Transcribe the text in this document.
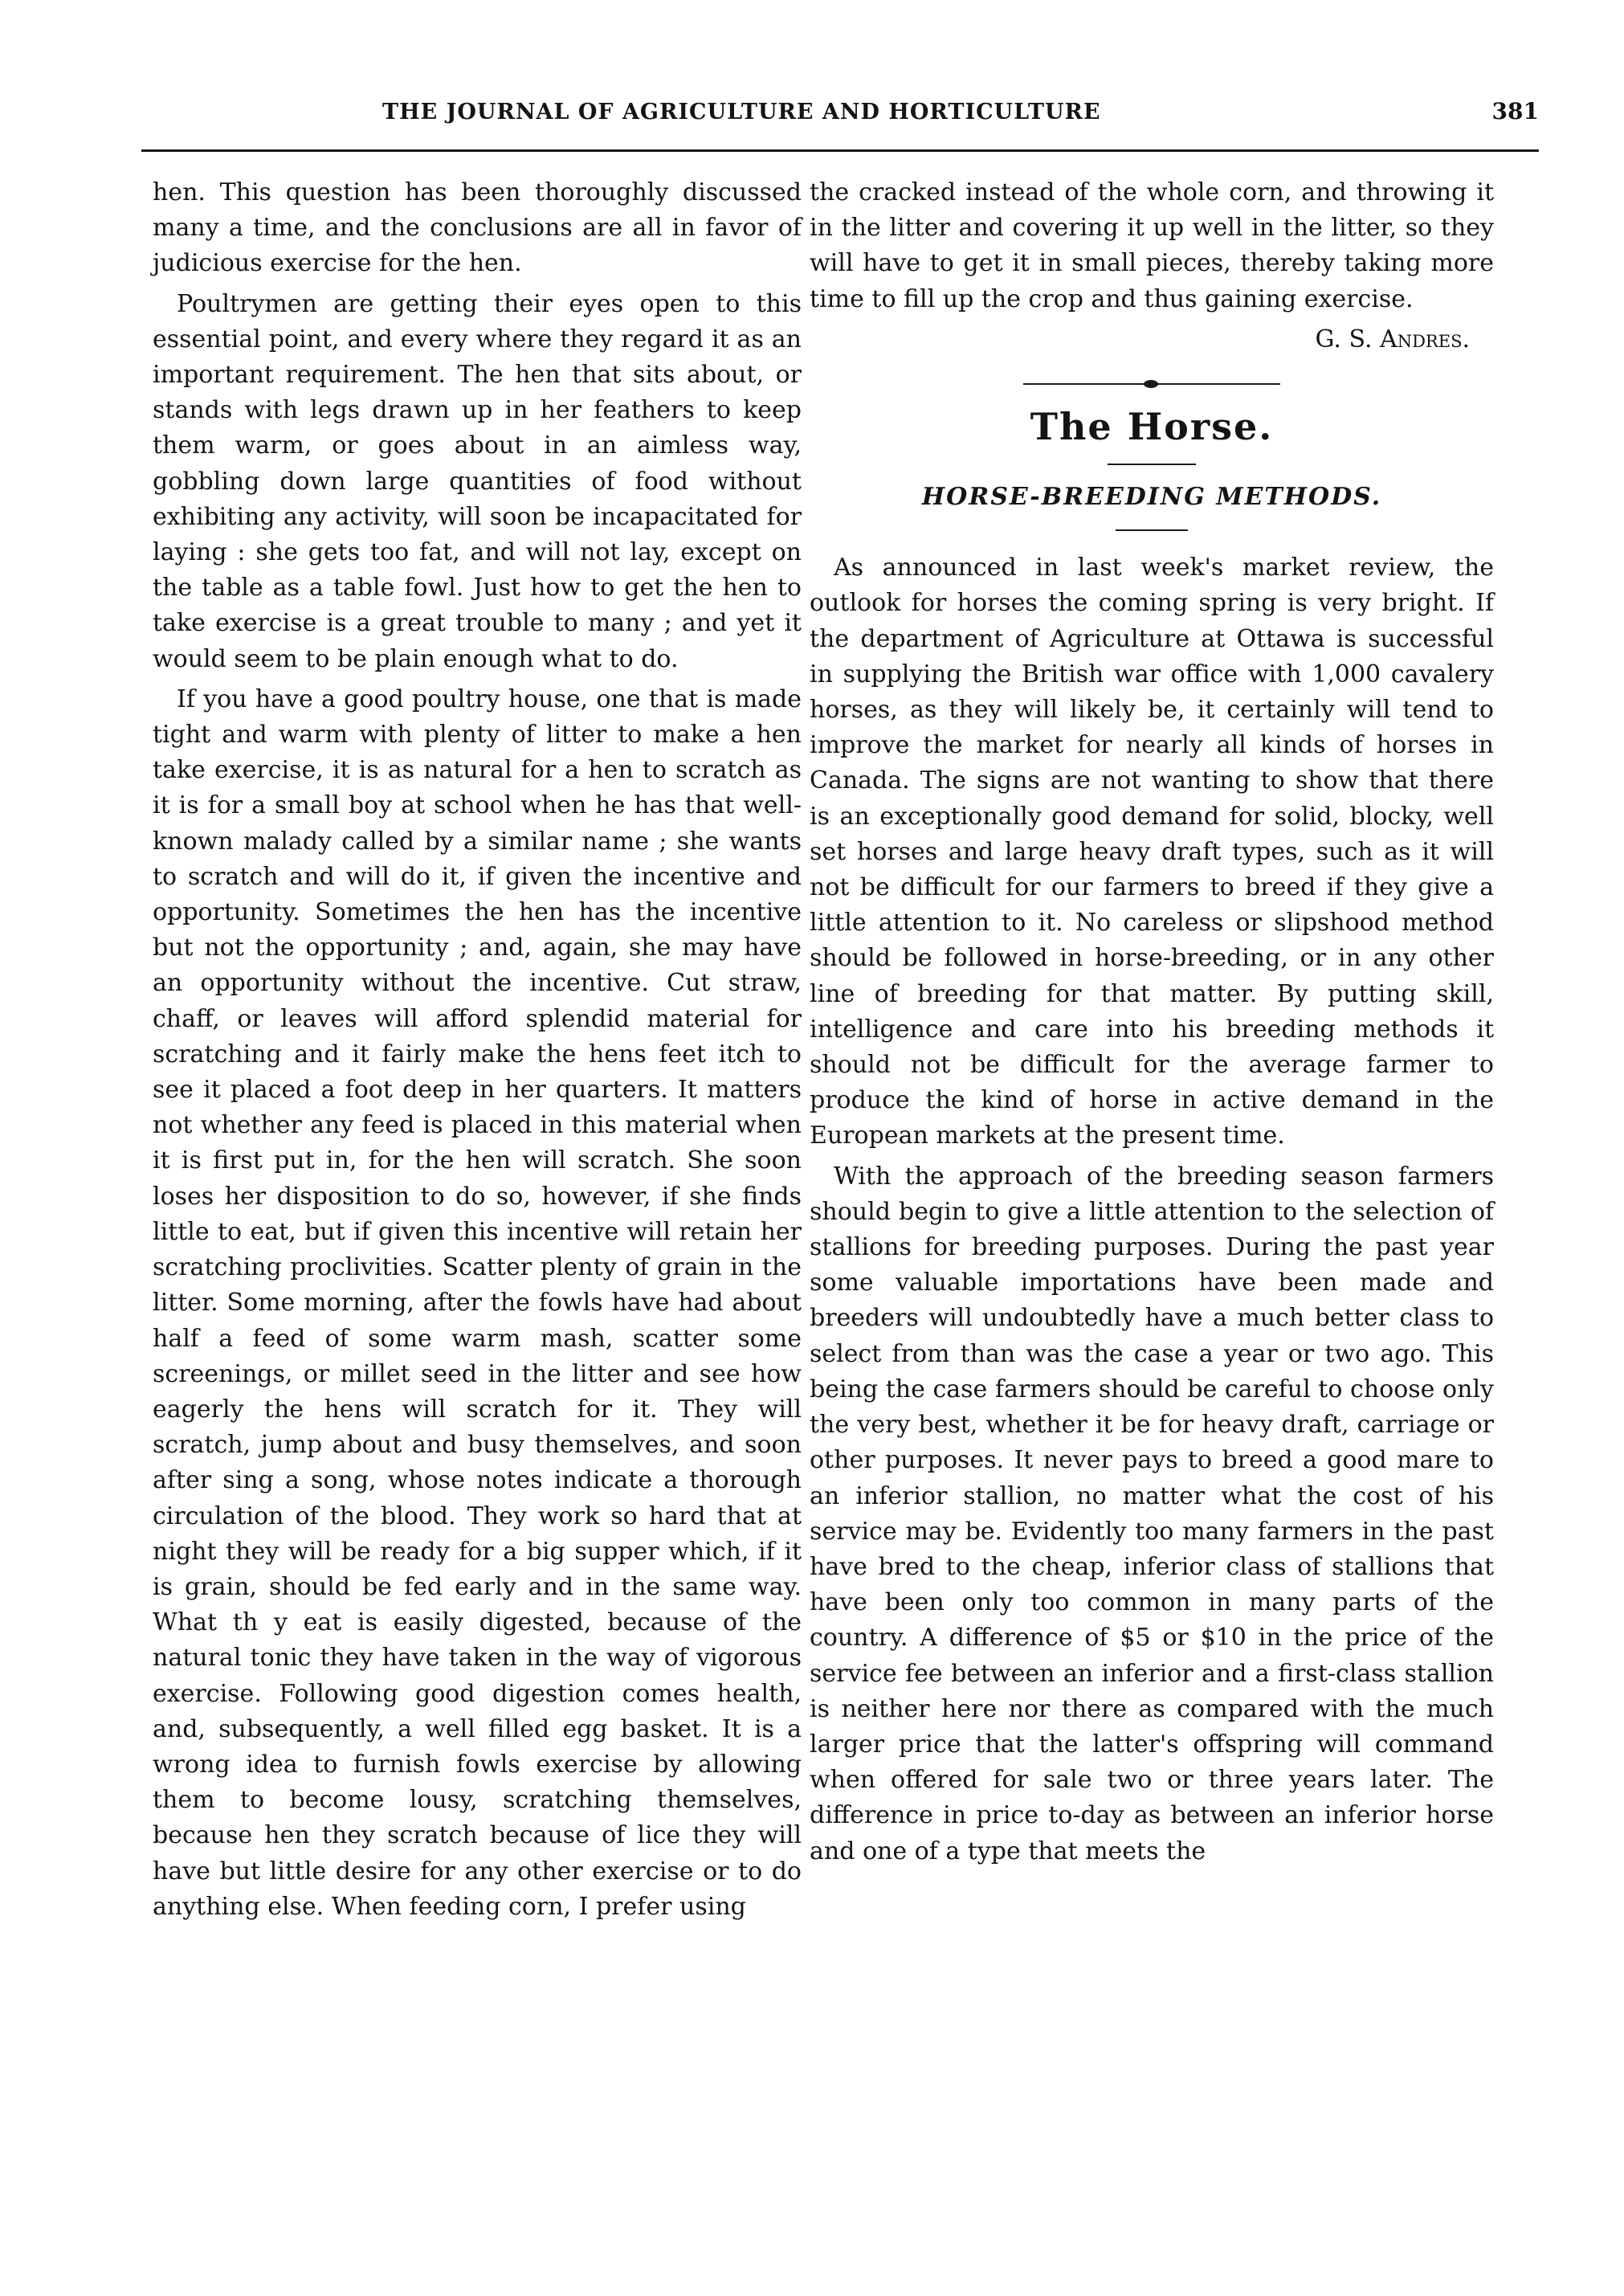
THE JOURNAL OF AGRICULTURE AND HORTICULTURE	381

hen. This question has been thoroughly discussed many a time, and the conclusions are all in favor of judicious exercise for the hen.

Poultrymen are getting their eyes open to this essential point, and every where they regard it as an important requirement. The hen that sits about, or stands with legs drawn up in her feathers to keep them warm, or goes about in an aimless way, gobbling down large quantities of food without exhibiting any activity, will soon be incapacitated for laying : she gets too fat, and will not lay, except on the table as a table fowl. Just how to get the hen to take exercise is a great trouble to many ; and yet it would seem to be plain enough what to do.

If you have a good poultry house, one that is made tight and warm with plenty of litter to make a hen take exercise, it is as natural for a hen to scratch as it is for a small boy at school when he has that well-known malady called by a similar name ; she wants to scratch and will do it, if given the incentive and opportunity. Sometimes the hen has the incentive but not the opportunity ; and, again, she may have an opportunity without the incentive. Cut straw, chaff, or leaves will afford splendid material for scratching and it fairly make the hens feet itch to see it placed a foot deep in her quarters. It matters not whether any feed is placed in this material when it is first put in, for the hen will scratch. She soon loses her disposition to do so, however, if she finds little to eat, but if given this incentive will retain her scratching proclivities. Scatter plenty of grain in the litter. Some morning, after the fowls have had about half a feed of some warm mash, scatter some screenings, or millet seed in the litter and see how eagerly the hens will scratch for it. They will scratch, jump about and busy themselves, and soon after sing a song, whose notes indicate a thorough circulation of the blood. They work so hard that at night they will be ready for a big supper which, if it is grain, should be fed early and in the same way. What th y eat is easily digested, because of the natural tonic they have taken in the way of vigorous exercise. Following good digestion comes health, and, subsequently, a well filled egg basket. It is a wrong idea to furnish fowls exercise by allowing them to become lousy, scratching themselves, because hen they scratch because of lice they will have but little desire for any other exercise or to do anything else. When feeding corn, I prefer using

the cracked instead of the whole corn, and throwing it in the litter and covering it up well in the litter, so they will have to get it in small pieces, thereby taking more time to fill up the crop and thus gaining exercise.

G. S. Andres.

The Horse.
HORSE-BREEDING METHODS.

As announced in last week's market review, the outlook for horses the coming spring is very bright. If the department of Agriculture at Ottawa is successful in supplying the British war office with 1,000 cavalery horses, as they will likely be, it certainly will tend to improve the market for nearly all kinds of horses in Canada. The signs are not wanting to show that there is an exceptionally good demand for solid, blocky, well set horses and large heavy draft types, such as it will not be difficult for our farmers to breed if they give a little attention to it. No careless or slipshood method should be followed in horse-breeding, or in any other line of breeding for that matter. By putting skill, intelligence and care into his breeding methods it should not be difficult for the average farmer to produce the kind of horse in active demand in the European markets at the present time.

With the approach of the breeding season farmers should begin to give a little attention to the selection of stallions for breeding purposes. During the past year some valuable importations have been made and breeders will undoubtedly have a much better class to select from than was the case a year or two ago. This being the case farmers should be careful to choose only the very best, whether it be for heavy draft, carriage or other purposes. It never pays to breed a good mare to an inferior stallion, no matter what the cost of his service may be. Evidently too many farmers in the past have bred to the cheap, inferior class of stallions that have been only too common in many parts of the country. A difference of $5 or $10 in the price of the service fee between an inferior and a first-class stallion is neither here nor there as compared with the much larger price that the latter's offspring will command when offered for sale two or three years later. The difference in price to-day as between an inferior horse and one of a type that meets the
